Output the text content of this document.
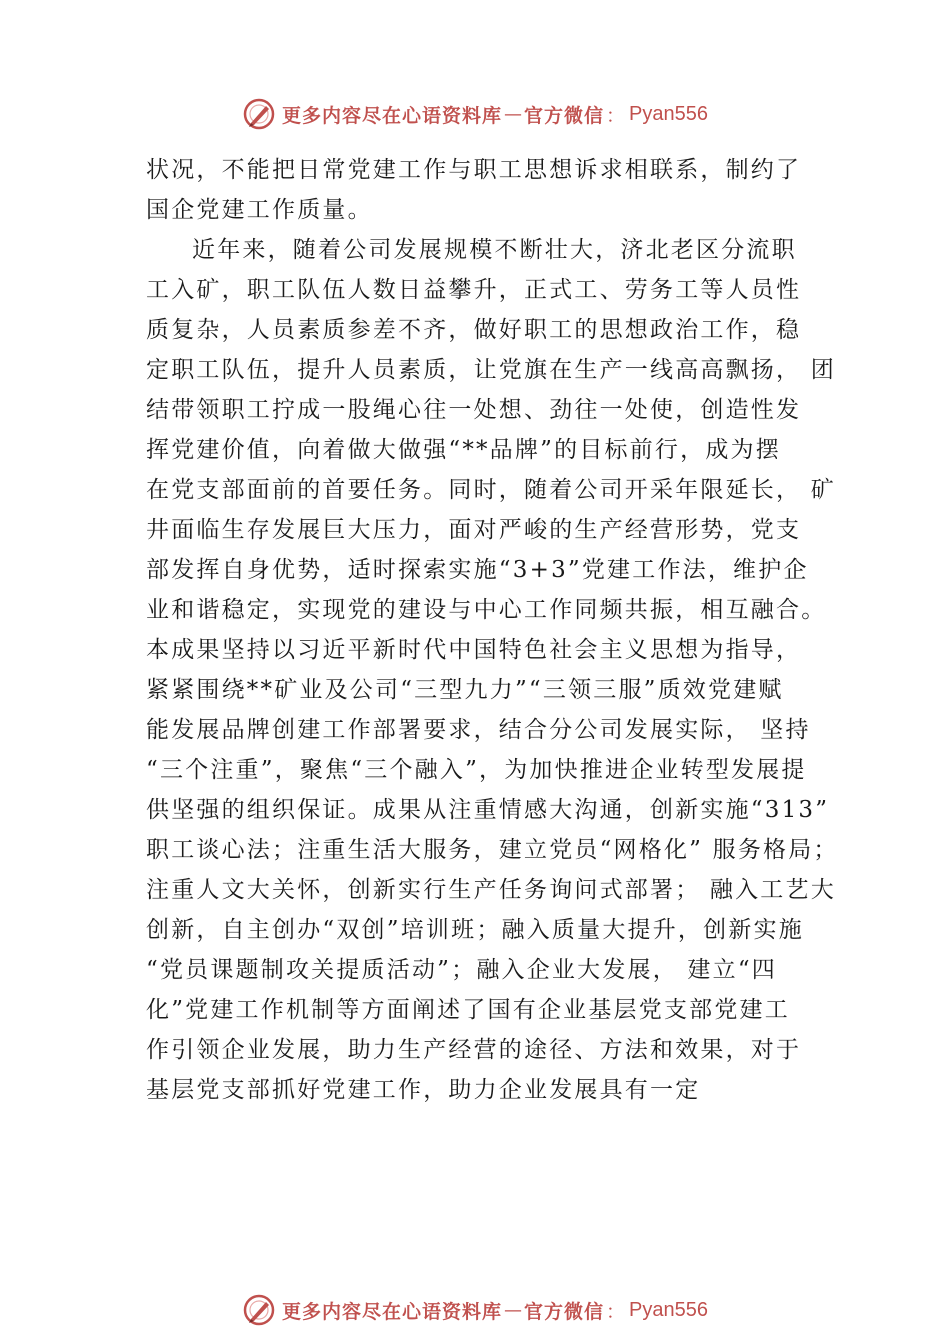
更多内容尽在心语资料库 — 官方微信 ： Pyan556
状况，不能把日常党建工作与职工思想诉求相联系，制约了
国企党建工作质量。
近年来，随着公司发展规模不断壮大，济北老区分流职
工入矿，职工队伍人数日益攀升，正式工、劳务工等人员性
质复杂，人员素质参差不齐，做好职工的思想政治工作，稳
定职工队伍，提升人员素质，让党旗在生产一线高高飘扬， 团
结带领职工拧成一股绳心往一处想、劲往一处使，创造性发
挥党建价值，向着做大做强“**品牌”的目标前行，成为摆
在党支部面前的首要任务。同时，随着公司开采年限延长， 矿
井面临生存发展巨大压力，面对严峻的生产经营形势，党支
部发挥自身优势，适时探索实施“3+3”党建工作法，维护企
业和谐稳定，实现党的建设与中心工作同频共振，相互融合。
本成果坚持以习近平新时代中国特色社会主义思想为指导，
紧紧围绕**矿业及公司“三型九力”“三领三服”质效党建赋
能发展品牌创建工作部署要求，结合分公司发展实际， 坚持
“三个注重”，聚焦“三个融入”，为加快推进企业转型发展提
供坚强的组织保证。成果从注重情感大沟通，创新实施“313”
职工谈心法；注重生活大服务，建立党员“网格化” 服务格局；
注重人文大关怀，创新实行生产任务询问式部署； 融入工艺大
创新，自主创办“双创”培训班；融入质量大提升，创新实施
“党员课题制攻关提质活动”；融入企业大发展， 建立“四
化”党建工作机制等方面阐述了国有企业基层党支部党建工
作引领企业发展，助力生产经营的途径、方法和效果，对于
基层党支部抓好党建工作，助力企业发展具有一定
更多内容尽在心语资料库 — 官方微信 ： Pyan556
